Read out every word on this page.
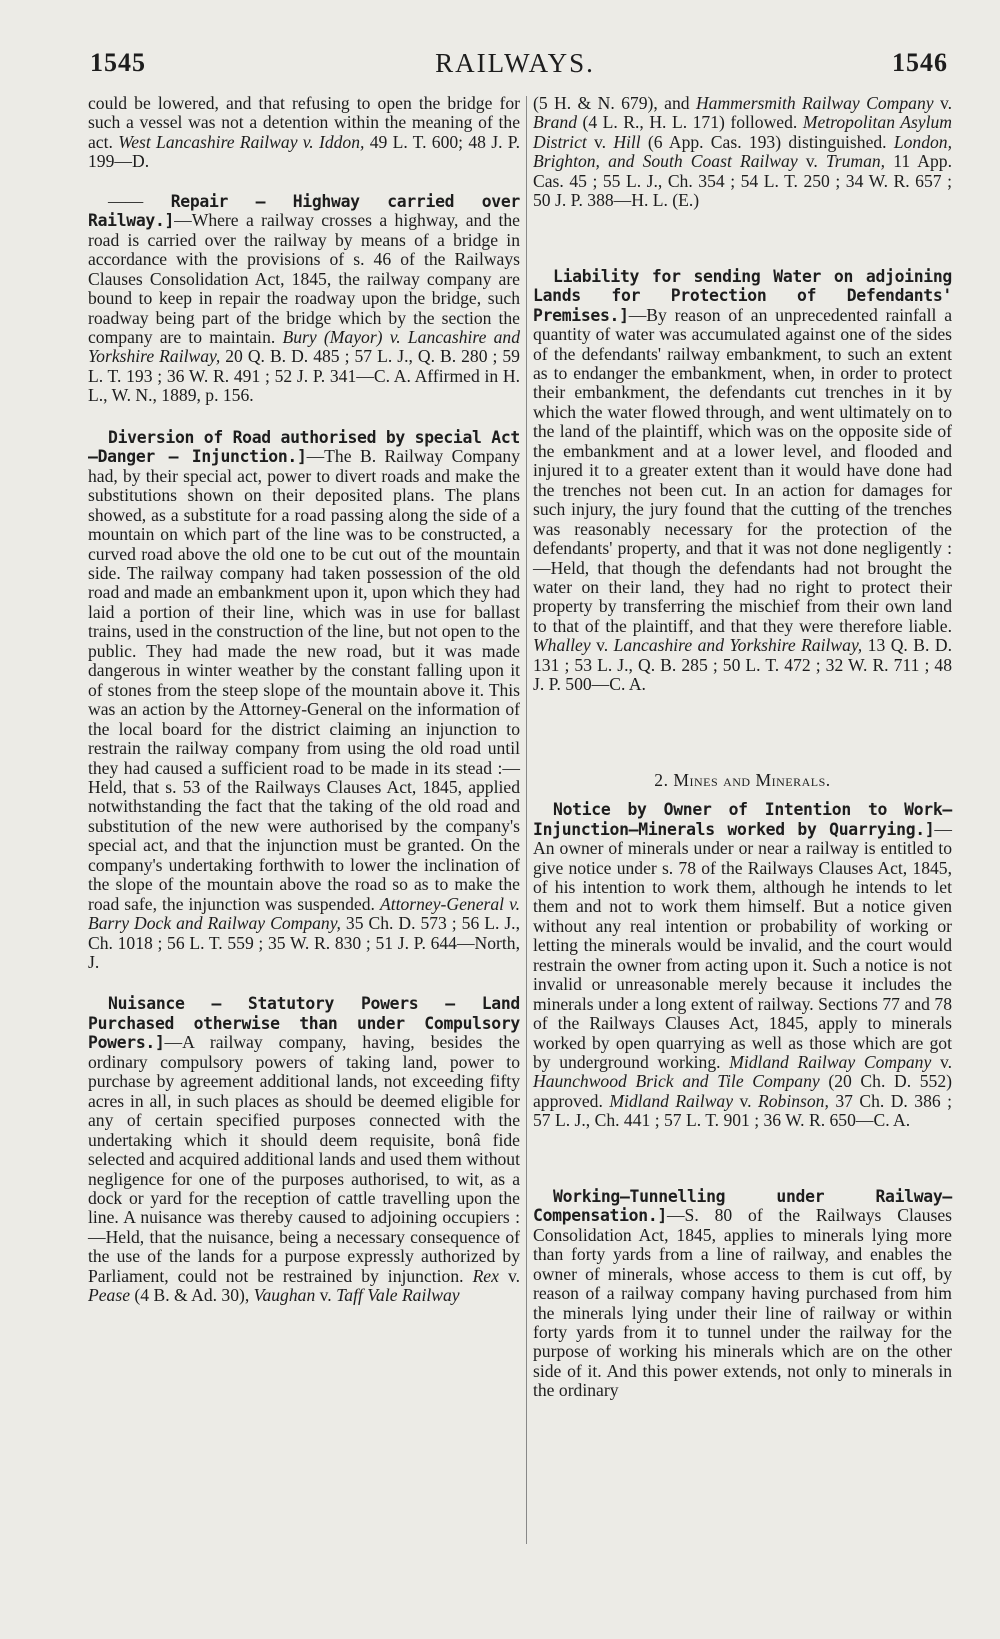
1545	RAILWAYS.	1546

could be lowered, and that refusing to open the bridge for such a vessel was not a detention within the meaning of the act. West Lancashire Railway v. Iddon, 49 L. T. 600; 48 J. P. 199—D.

—— Repair — Highway carried over Railway.]—Where a railway crosses a highway, and the road is carried over the railway by means of a bridge in accordance with the provisions of s. 46 of the Railways Clauses Consolidation Act, 1845, the railway company are bound to keep in repair the roadway upon the bridge, such roadway being part of the bridge which by the section the company are to maintain. Bury (Mayor) v. Lancashire and Yorkshire Railway, 20 Q. B. D. 485 ; 57 L. J., Q. B. 280 ; 59 L. T. 193 ; 36 W. R. 491 ; 52 J. P. 341—C. A. Affirmed in H. L., W. N., 1889, p. 156.

Diversion of Road authorised by special Act—Danger — Injunction.]—The B. Railway Company had, by their special act, power to divert roads and make the substitutions shown on their deposited plans. The plans showed, as a substitute for a road passing along the side of a mountain on which part of the line was to be constructed, a curved road above the old one to be cut out of the mountain side. The railway company had taken possession of the old road and made an embankment upon it, upon which they had laid a portion of their line, which was in use for ballast trains, used in the construction of the line, but not open to the public. They had made the new road, but it was made dangerous in winter weather by the constant falling upon it of stones from the steep slope of the mountain above it. This was an action by the Attorney-General on the information of the local board for the district claiming an injunction to restrain the railway company from using the old road until they had caused a sufficient road to be made in its stead :—Held, that s. 53 of the Railways Clauses Act, 1845, applied notwithstanding the fact that the taking of the old road and substitution of the new were authorised by the company's special act, and that the injunction must be granted. On the company's undertaking forthwith to lower the inclination of the slope of the mountain above the road so as to make the road safe, the injunction was suspended. Attorney-General v. Barry Dock and Railway Company, 35 Ch. D. 573 ; 56 L. J., Ch. 1018 ; 56 L. T. 559 ; 35 W. R. 830 ; 51 J. P. 644—North, J.

Nuisance — Statutory Powers — Land Purchased otherwise than under Compulsory Powers.]—A railway company, having, besides the ordinary compulsory powers of taking land, power to purchase by agreement additional lands, not exceeding fifty acres in all, in such places as should be deemed eligible for any of certain specified purposes connected with the undertaking which it should deem requisite, bonâ fide selected and acquired additional lands and used them without negligence for one of the purposes authorised, to wit, as a dock or yard for the reception of cattle travelling upon the line. A nuisance was thereby caused to adjoining occupiers :—Held, that the nuisance, being a necessary consequence of the use of the lands for a purpose expressly authorized by Parliament, could not be restrained by injunction. Rex v. Pease (4 B. & Ad. 30), Vaughan v. Taff Vale Railway

(5 H. & N. 679), and Hammersmith Railway Company v. Brand (4 L. R., H. L. 171) followed. Metropolitan Asylum District v. Hill (6 App. Cas. 193) distinguished. London, Brighton, and South Coast Railway v. Truman, 11 App. Cas. 45 ; 55 L. J., Ch. 354 ; 54 L. T. 250 ; 34 W. R. 657 ; 50 J. P. 388—H. L. (E.)

Liability for sending Water on adjoining Lands for Protection of Defendants' Premises.]—By reason of an unprecedented rainfall a quantity of water was accumulated against one of the sides of the defendants' railway embankment, to such an extent as to endanger the embankment, when, in order to protect their embankment, the defendants cut trenches in it by which the water flowed through, and went ultimately on to the land of the plaintiff, which was on the opposite side of the embankment and at a lower level, and flooded and injured it to a greater extent than it would have done had the trenches not been cut. In an action for damages for such injury, the jury found that the cutting of the trenches was reasonably necessary for the protection of the defendants' property, and that it was not done negligently :—Held, that though the defendants had not brought the water on their land, they had no right to protect their property by transferring the mischief from their own land to that of the plaintiff, and that they were therefore liable. Whalley v. Lancashire and Yorkshire Railway, 13 Q. B. D. 131 ; 53 L. J., Q. B. 285 ; 50 L. T. 472 ; 32 W. R. 711 ; 48 J. P. 500—C. A.

2. Mines and Minerals.

Notice by Owner of Intention to Work—Injunction—Minerals worked by Quarrying.]—An owner of minerals under or near a railway is entitled to give notice under s. 78 of the Railways Clauses Act, 1845, of his intention to work them, although he intends to let them and not to work them himself. But a notice given without any real intention or probability of working or letting the minerals would be invalid, and the court would restrain the owner from acting upon it. Such a notice is not invalid or unreasonable merely because it includes the minerals under a long extent of railway. Sections 77 and 78 of the Railways Clauses Act, 1845, apply to minerals worked by open quarrying as well as those which are got by underground working. Midland Railway Company v. Haunchwood Brick and Tile Company (20 Ch. D. 552) approved. Midland Railway v. Robinson, 37 Ch. D. 386 ; 57 L. J., Ch. 441 ; 57 L. T. 901 ; 36 W. R. 650—C. A.

Working—Tunnelling under Railway—Compensation.]—S. 80 of the Railways Clauses Consolidation Act, 1845, applies to minerals lying more than forty yards from a line of railway, and enables the owner of minerals, whose access to them is cut off, by reason of a railway company having purchased from him the minerals lying under their line of railway or within forty yards from it to tunnel under the railway for the purpose of working his minerals which are on the other side of it. And this power extends, not only to minerals in the ordinary
